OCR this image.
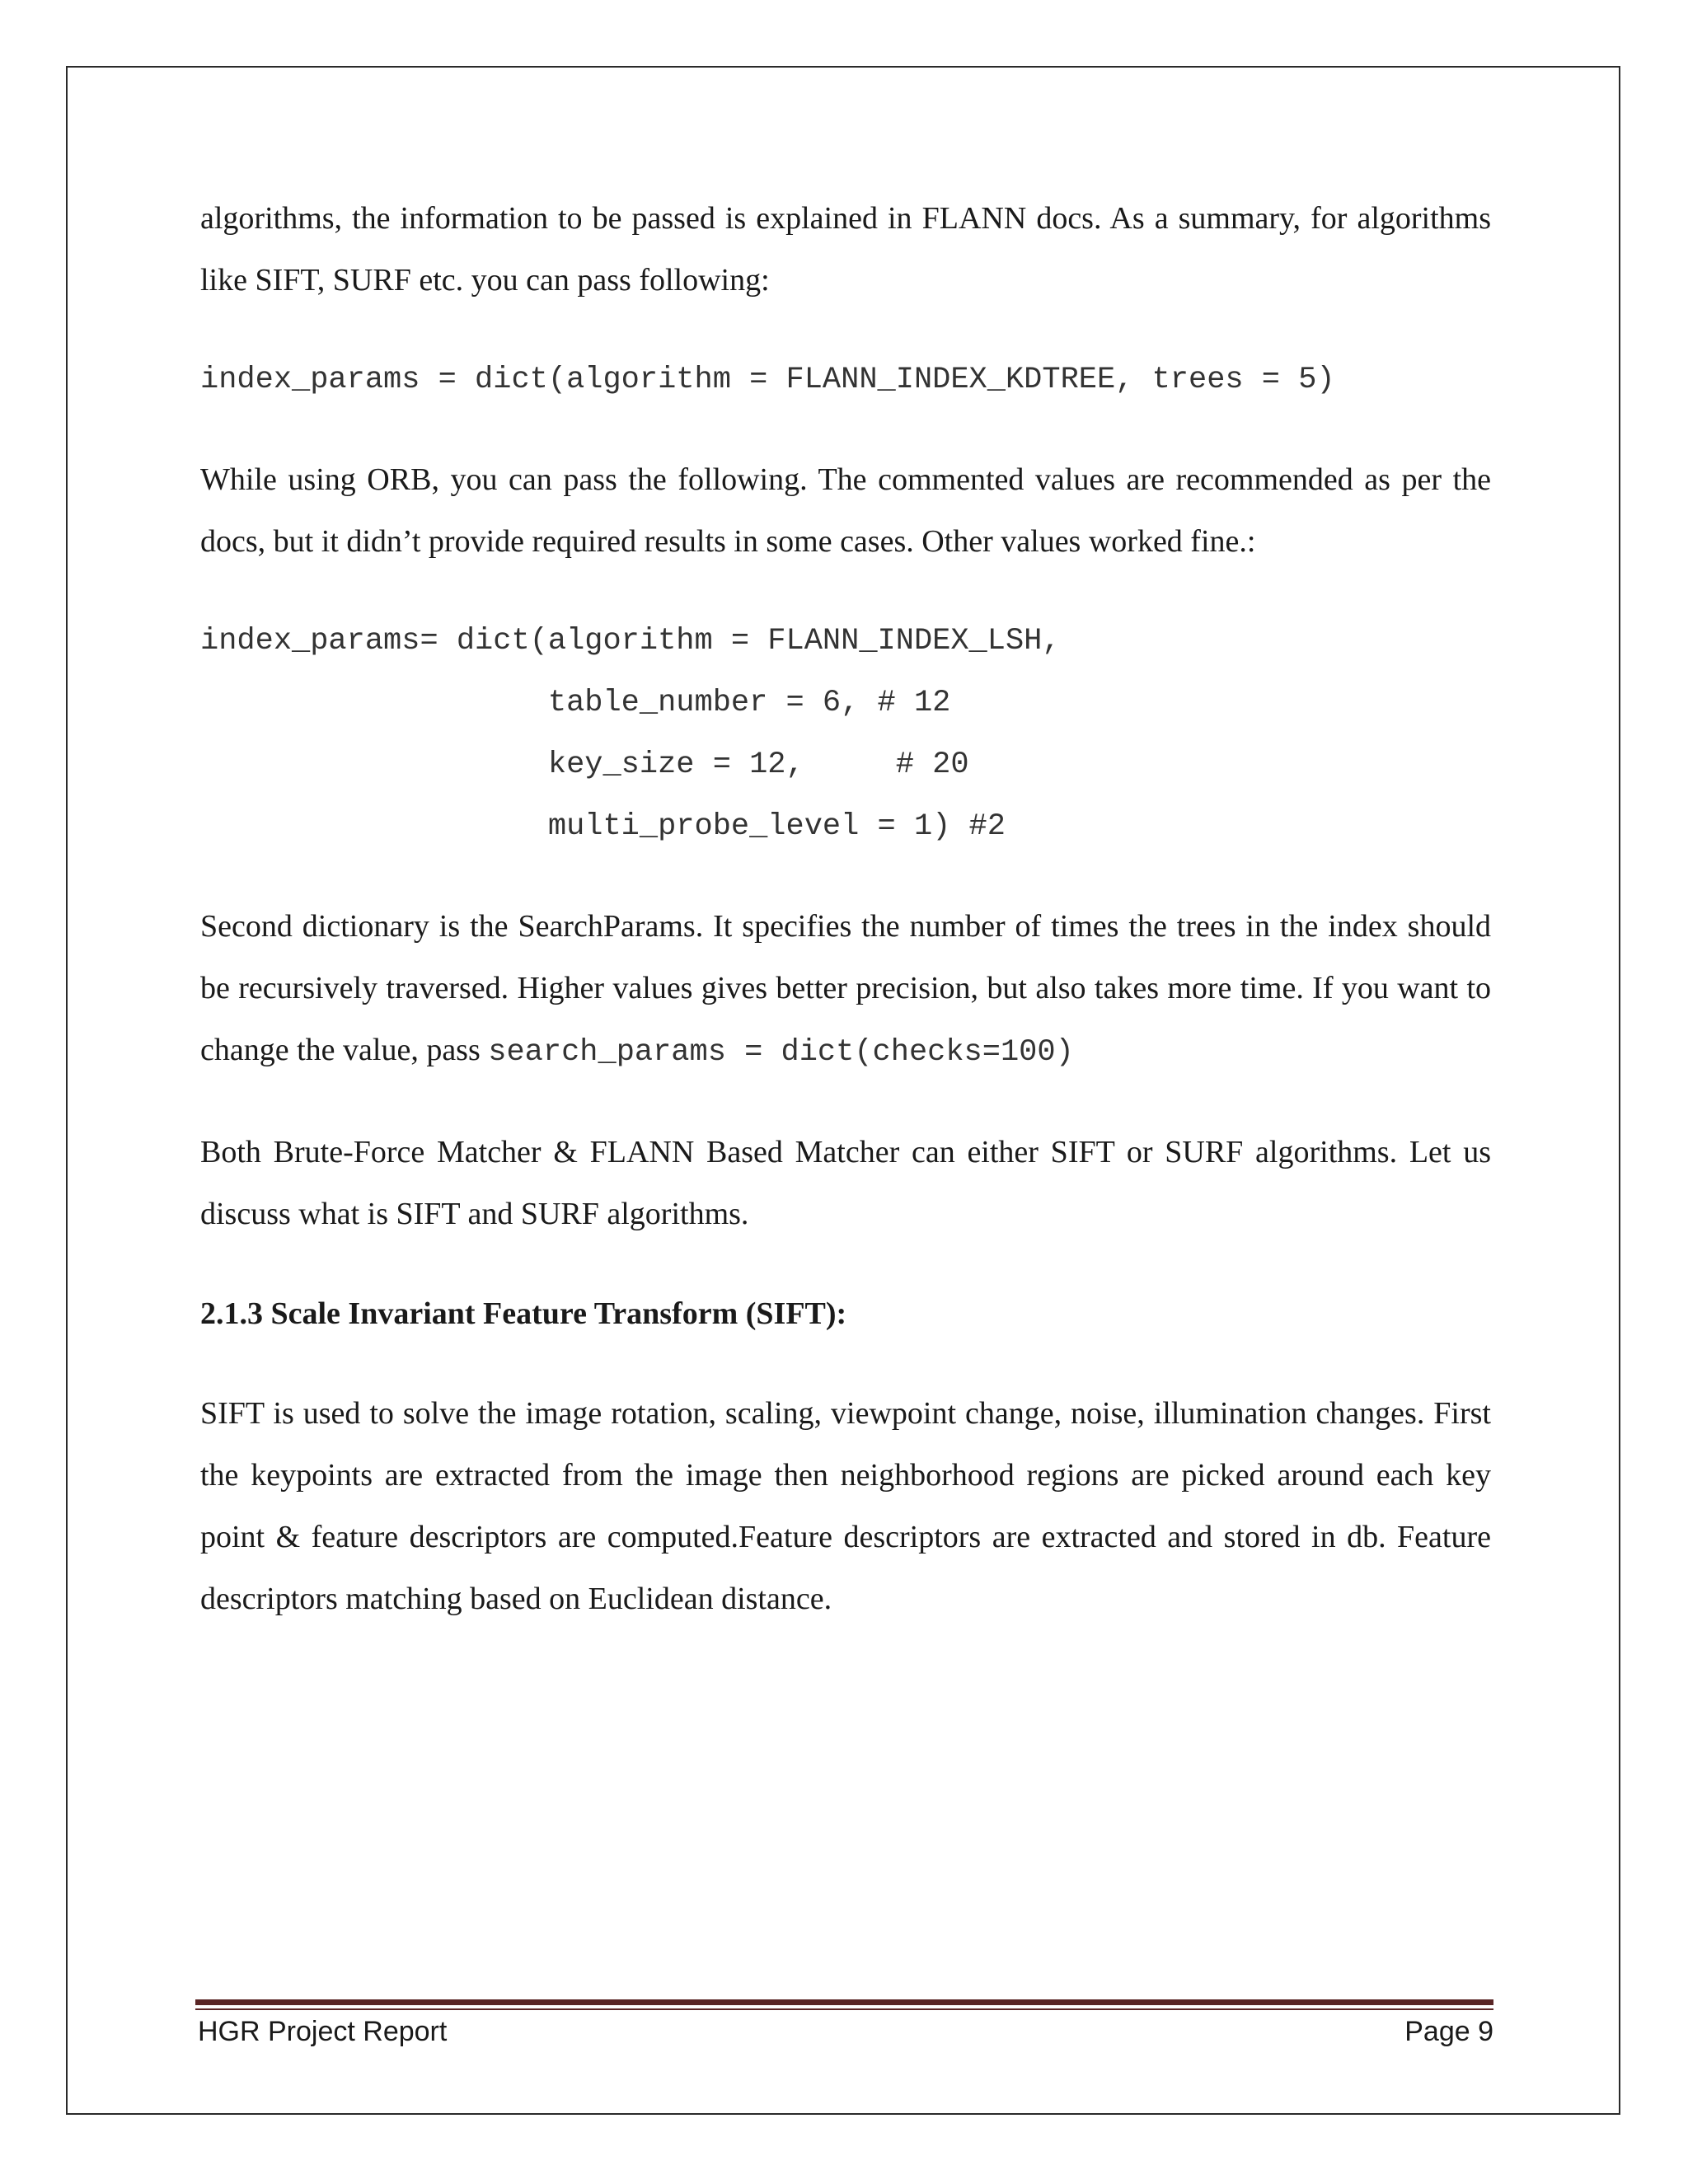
algorithms, the information to be passed is explained in FLANN docs. As a summary, for algorithms like SIFT, SURF etc. you can pass following:

index_params = dict(algorithm = FLANN_INDEX_KDTREE, trees = 5)

While using ORB, you can pass the following. The commented values are recommended as per the docs, but it didn’t provide required results in some cases. Other values worked fine.:

index_params= dict(algorithm = FLANN_INDEX_LSH,

table_number = 6, # 12

key_size = 12,     # 20

multi_probe_level = 1) #2

Second dictionary is the SearchParams. It specifies the number of times the trees in the index should be recursively traversed. Higher values gives better precision, but also takes more time. If you want to change the value, pass search_params = dict(checks=100)

Both Brute-Force Matcher & FLANN Based Matcher can either SIFT or SURF algorithms. Let us discuss what is SIFT and SURF algorithms.

2.1.3 Scale Invariant Feature Transform (SIFT):

SIFT is used to solve the image rotation, scaling, viewpoint change, noise, illumination changes. First the keypoints are extracted from the image then neighborhood regions are picked around each key point & feature descriptors are computed.Feature descriptors are extracted and stored in db. Feature descriptors matching based on Euclidean distance.

HGR Project Report	Page 9
